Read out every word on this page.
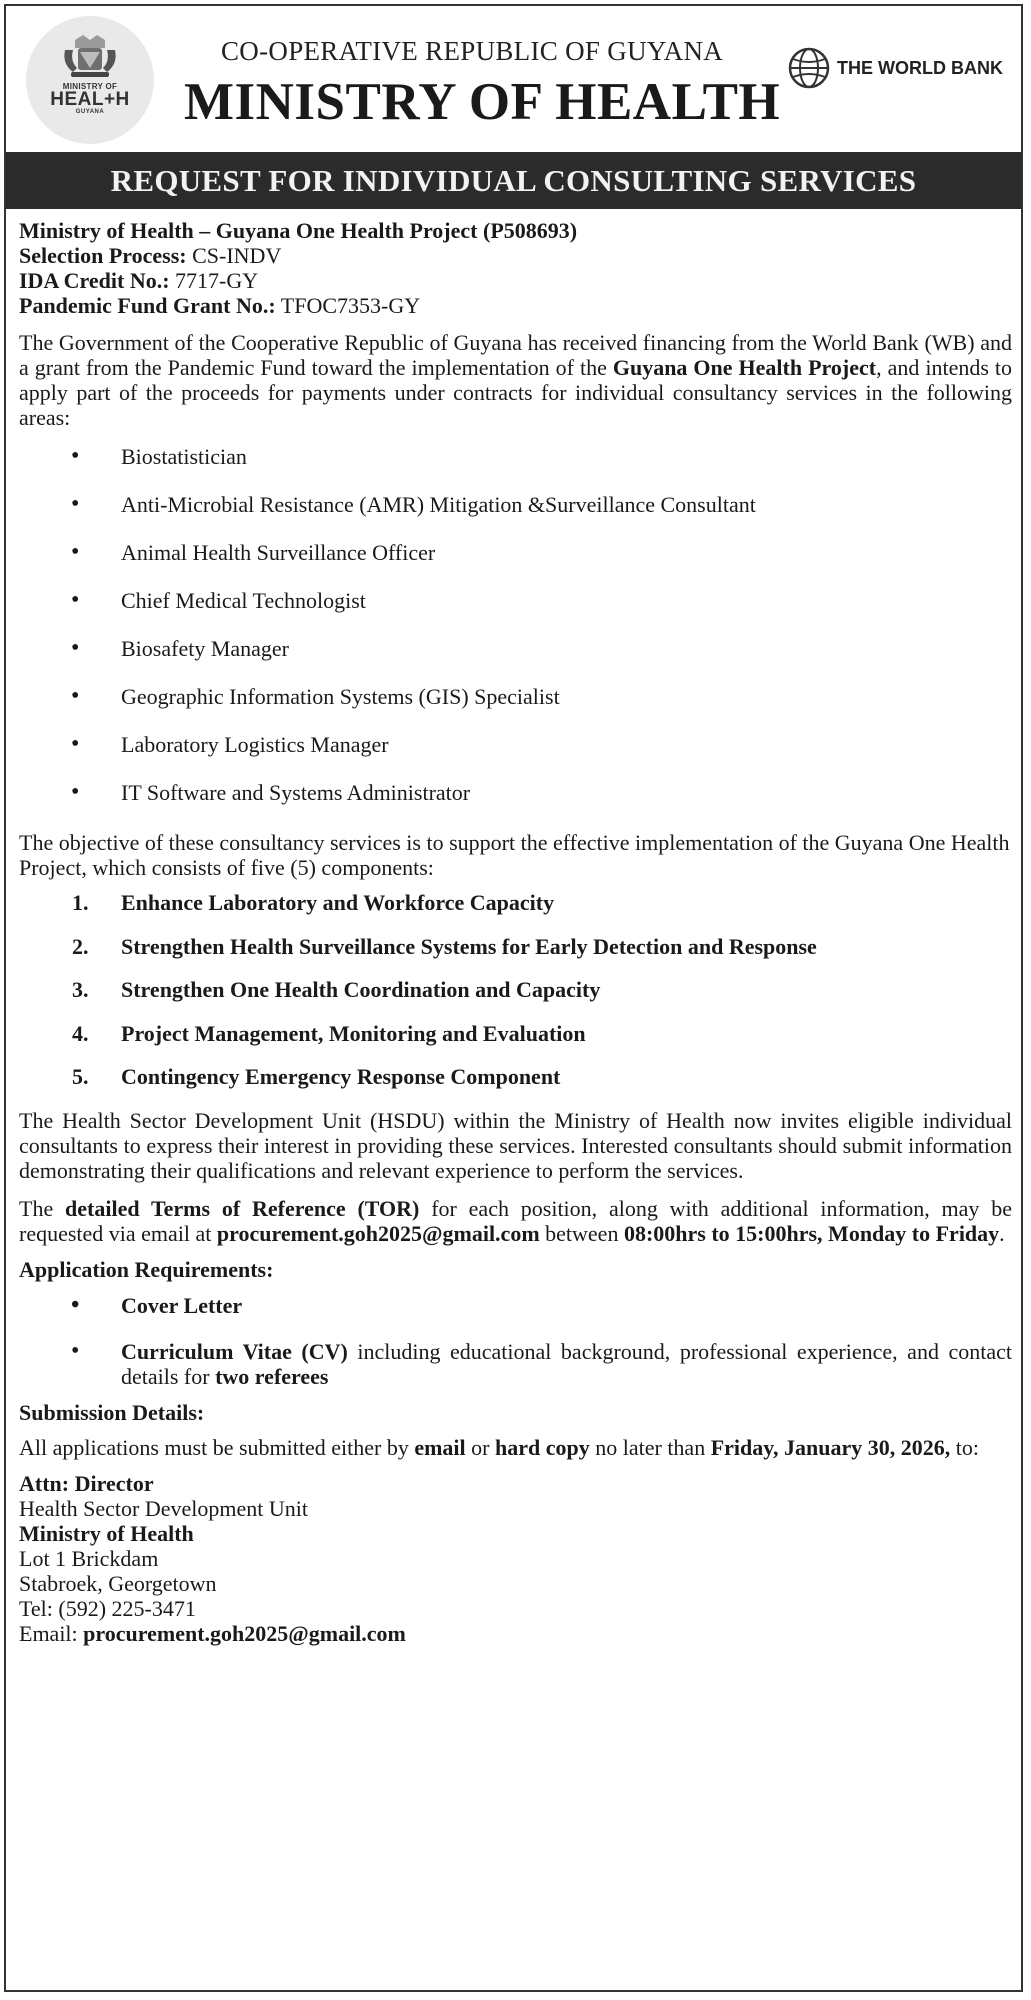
MINISTRY OF
HEAL+H
GUYANA
CO-OPERATIVE REPUBLIC OF GUYANA
MINISTRY OF HEALTH
THE WORLD BANK
REQUEST FOR INDIVIDUAL CONSULTING SERVICES

Ministry of Health – Guyana One Health Project (P508693)

Selection Process: CS-INDV

IDA Credit No.: 7717-GY

Pandemic Fund Grant No.: TFOC7353-GY

The Government of the Cooperative Republic of Guyana has received financing from the World Bank (WB) and a grant from the Pandemic Fund toward the implementation of the Guyana One Health Project, and intends to apply part of the proceeds for payments under contracts for individual consultancy services in the following areas:

• Biostatistician
• Anti-Microbial Resistance (AMR) Mitigation &Surveillance Consultant
• Animal Health Surveillance Officer
• Chief Medical Technologist
• Biosafety Manager
• Geographic Information Systems (GIS) Specialist
• Laboratory Logistics Manager
• IT Software and Systems Administrator

The objective of these consultancy services is to support the effective implementation of the Guyana One Health Project, which consists of five (5) components:

1. Enhance Laboratory and Workforce Capacity
2. Strengthen Health Surveillance Systems for Early Detection and Response
3. Strengthen One Health Coordination and Capacity
4. Project Management, Monitoring and Evaluation
5. Contingency Emergency Response Component

The Health Sector Development Unit (HSDU) within the Ministry of Health now invites eligible individual consultants to express their interest in providing these services. Interested consultants should submit information demonstrating their qualifications and relevant experience to perform the services.

The detailed Terms of Reference (TOR) for each position, along with additional information, may be requested via email at procurement.goh2025@gmail.com between 08:00hrs to 15:00hrs, Monday to Friday.

Application Requirements:

• Cover Letter
• Curriculum Vitae (CV) including educational background, professional experience, and contact details for two referees

Submission Details:

All applications must be submitted either by email or hard copy no later than Friday, January 30, 2026, to:

Attn: Director

Health Sector Development Unit

Ministry of Health

Lot 1 Brickdam

Stabroek, Georgetown

Tel: (592) 225-3471

Email: procurement.goh2025@gmail.com
